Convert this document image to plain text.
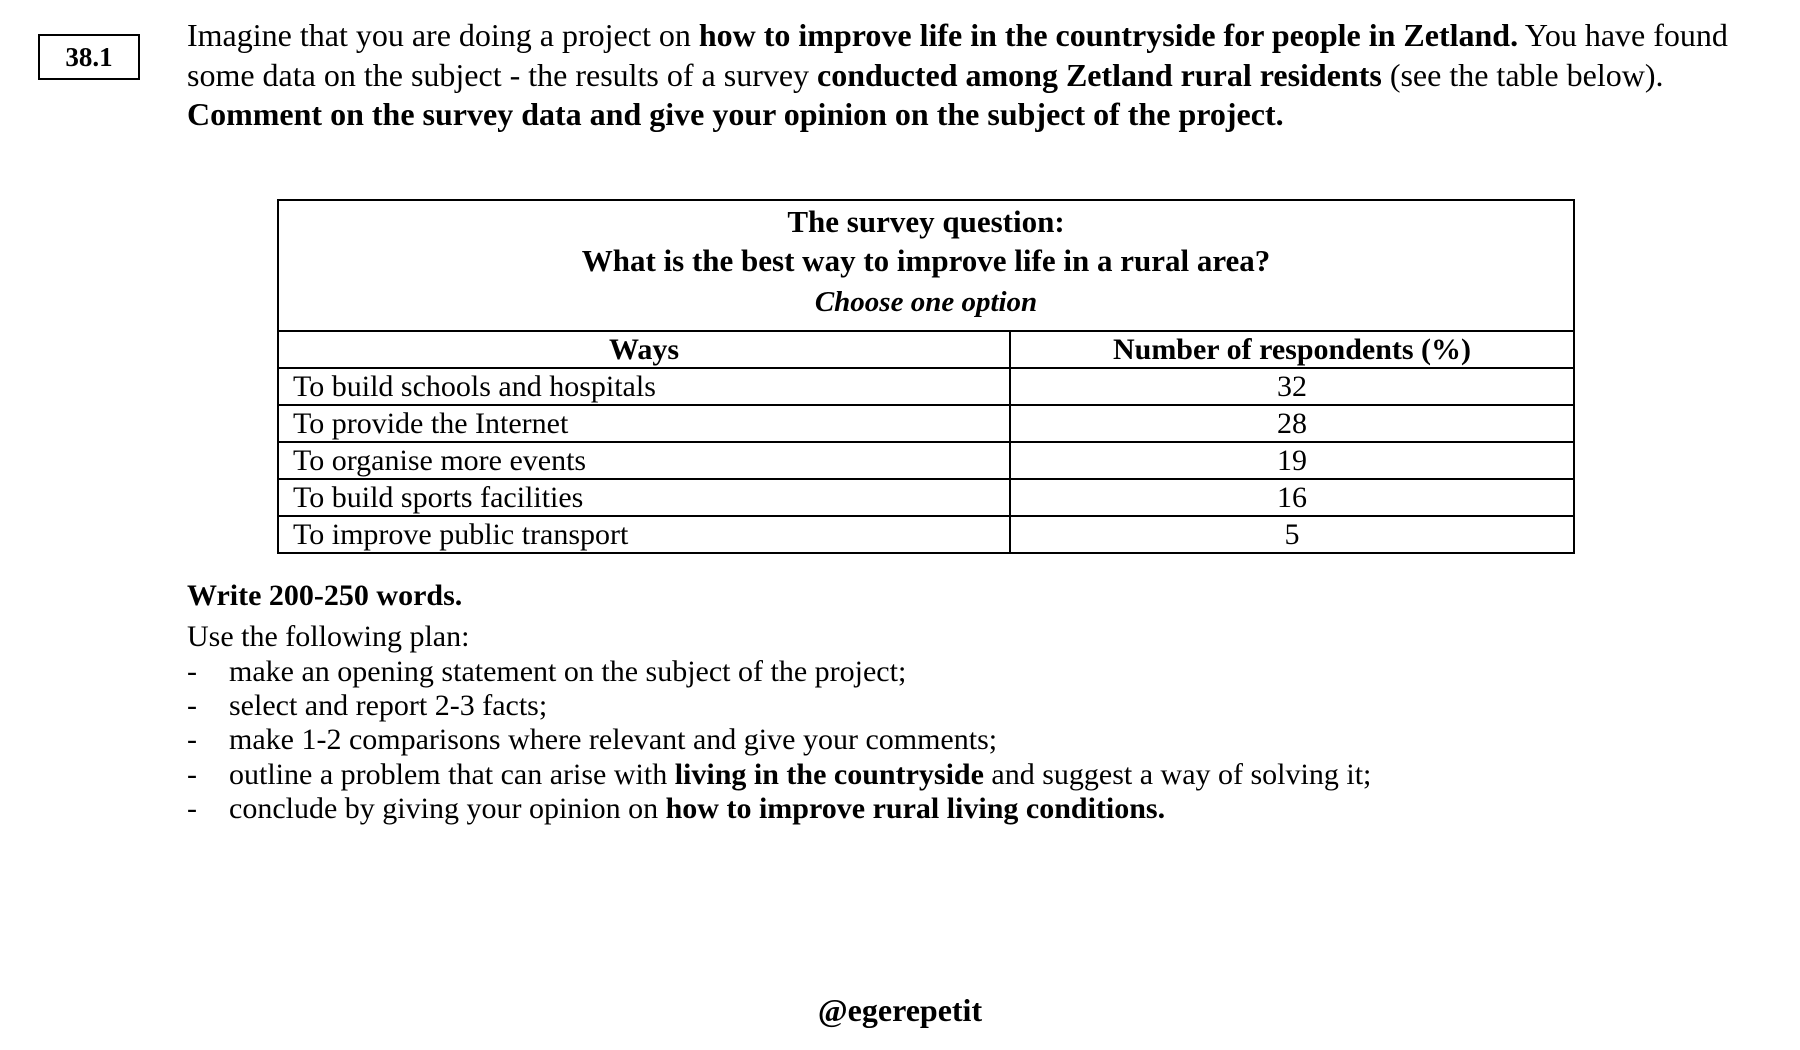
38.1

Imagine that you are doing a project on how to improve life in the countryside for people in Zetland. You have found some data on the subject - the results of a survey conducted among Zetland rural residents (see the table below).

Comment on the survey data and give your opinion on the subject of the project.

The survey question:
What is the best way to improve life in a rural area?
Choose one option	

Ways	Number of respondents (%)
To build schools and hospitals	32
To provide the Internet	28
To organise more events	19
To build sports facilities	16
To improve public transport	5
Write 200-250 words.
Use the following plan:
- make an opening statement on the subject of the project;
- select and report 2-3 facts;
- make 1-2 comparisons where relevant and give your comments;
- outline a problem that can arise with living in the countryside and suggest a way of solving it;
- conclude by giving your opinion on how to improve rural living conditions.
@egerepetit
